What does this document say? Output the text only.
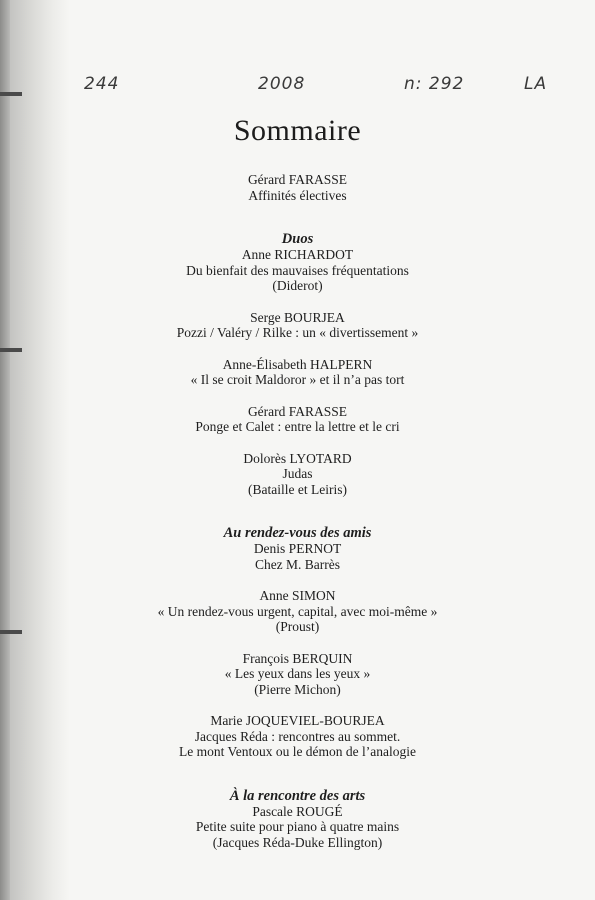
244	2008	n: 292	LA
Sommaire
Gérard FARASSE
Affinités électives
Duos
Anne RICHARDOT
Du bienfait des mauvaises fréquentations
(Diderot)
Serge BOURJEA
Pozzi / Valéry / Rilke : un « divertissement »
Anne-Élisabeth HALPERN
« Il se croit Maldoror » et il n’a pas tort
Gérard FARASSE
Ponge et Calet : entre la lettre et le cri
Dolorès LYOTARD
Judas
(Bataille et Leiris)
Au rendez-vous des amis
Denis PERNOT
Chez M. Barrès
Anne SIMON
« Un rendez-vous urgent, capital, avec moi-même »
(Proust)
François BERQUIN
« Les yeux dans les yeux »
(Pierre Michon)
Marie JOQUEVIEL-BOURJEA
Jacques Réda : rencontres au sommet.
Le mont Ventoux ou le démon de l’analogie
À la rencontre des arts
Pascale ROUGÉ
Petite suite pour piano à quatre mains
(Jacques Réda-Duke Ellington)
